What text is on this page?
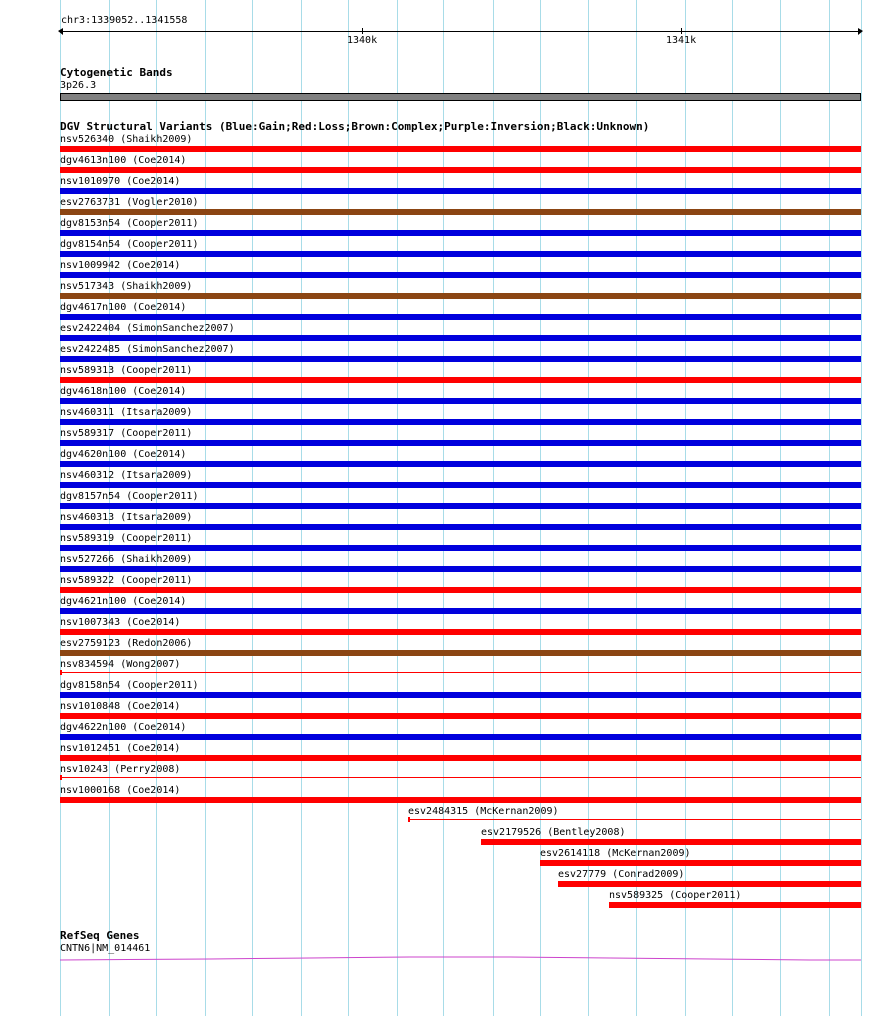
chr3:1339052..1341558
1340k	1341k
Cytogenetic Bands
3p26.3
DGV Structural Variants (Blue:Gain;Red:Loss;Brown:Complex;Purple:Inversion;Black:Unknown)
nsv526340 (Shaikh2009)
dgv4613n100 (Coe2014)
nsv1010970 (Coe2014)
esv2763731 (Vogler2010)
dgv8153n54 (Cooper2011)
dgv8154n54 (Cooper2011)
nsv1009942 (Coe2014)
nsv517343 (Shaikh2009)
dgv4617n100 (Coe2014)
esv2422404 (SimonSanchez2007)
esv2422485 (SimonSanchez2007)
nsv589313 (Cooper2011)
dgv4618n100 (Coe2014)
nsv460311 (Itsara2009)
nsv589317 (Cooper2011)
dgv4620n100 (Coe2014)
nsv460312 (Itsara2009)
dgv8157n54 (Cooper2011)
nsv460313 (Itsara2009)
nsv589319 (Cooper2011)
nsv527266 (Shaikh2009)
nsv589322 (Cooper2011)
dgv4621n100 (Coe2014)
nsv1007343 (Coe2014)
esv2759123 (Redon2006)
nsv834594 (Wong2007)
dgv8158n54 (Cooper2011)
nsv1010848 (Coe2014)
dgv4622n100 (Coe2014)
nsv1012451 (Coe2014)
nsv10243 (Perry2008)
nsv1000168 (Coe2014)
esv2484315 (McKernan2009)
esv2179526 (Bentley2008)
esv2614118 (McKernan2009)
esv27779 (Conrad2009)
nsv589325 (Cooper2011)
RefSeq Genes
CNTN6|NM_014461
